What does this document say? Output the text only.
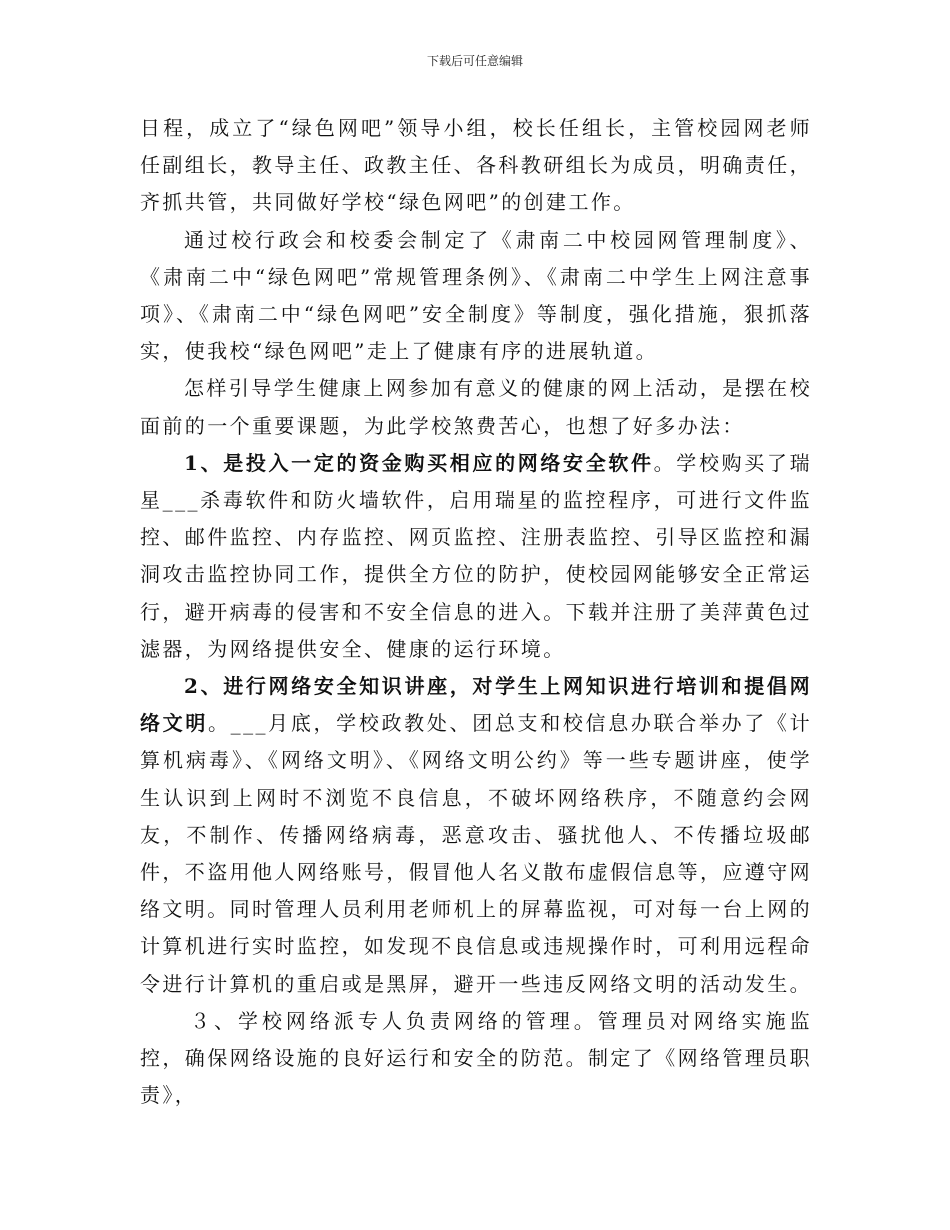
下载后可任意编辑

日程，成立了“绿色网吧”领导小组，校长任组长，主管校园网老师任副组长，教导主任、政教主任、各科教研组长为成员，明确责任，齐抓共管，共同做好学校“绿色网吧”的创建工作。

通过校行政会和校委会制定了《肃南二中校园网管理制度》、《肃南二中“绿色网吧”常规管理条例》、《肃南二中学生上网注意事项》、《肃南二中“绿色网吧”安全制度》等制度，强化措施，狠抓落实，使我校“绿色网吧”走上了健康有序的进展轨道。

怎样引导学生健康上网参加有意义的健康的网上活动，是摆在校面前的一个重要课题，为此学校煞费苦心，也想了好多办法：

1、是投入一定的资金购买相应的网络安全软件。学校购买了瑞星___杀毒软件和防火墙软件，启用瑞星的监控程序，可进行文件监控、邮件监控、内存监控、网页监控、注册表监控、引导区监控和漏洞攻击监控协同工作，提供全方位的防护，使校园网能够安全正常运行，避开病毒的侵害和不安全信息的进入。下载并注册了美萍黄色过滤器，为网络提供安全、健康的运行环境。

2、进行网络安全知识讲座，对学生上网知识进行培训和提倡网络文明。___月底，学校政教处、团总支和校信息办联合举办了《计算机病毒》、《网络文明》、《网络文明公约》等一些专题讲座，使学生认识到上网时不浏览不良信息，不破坏网络秩序，不随意约会网友，不制作、传播网络病毒，恶意攻击、骚扰他人、不传播垃圾邮件，不盗用他人网络账号，假冒他人名义散布虚假信息等，应遵守网络文明。同时管理人员利用老师机上的屏幕监视，可对每一台上网的计算机进行实时监控，如发现不良信息或违规操作时，可利用远程命令进行计算机的重启或是黑屏，避开一些违反网络文明的活动发生。

３、学校网络派专人负责网络的管理。管理员对网络实施监控，确保网络设施的良好运行和安全的防范。制定了《网络管理员职责》，
